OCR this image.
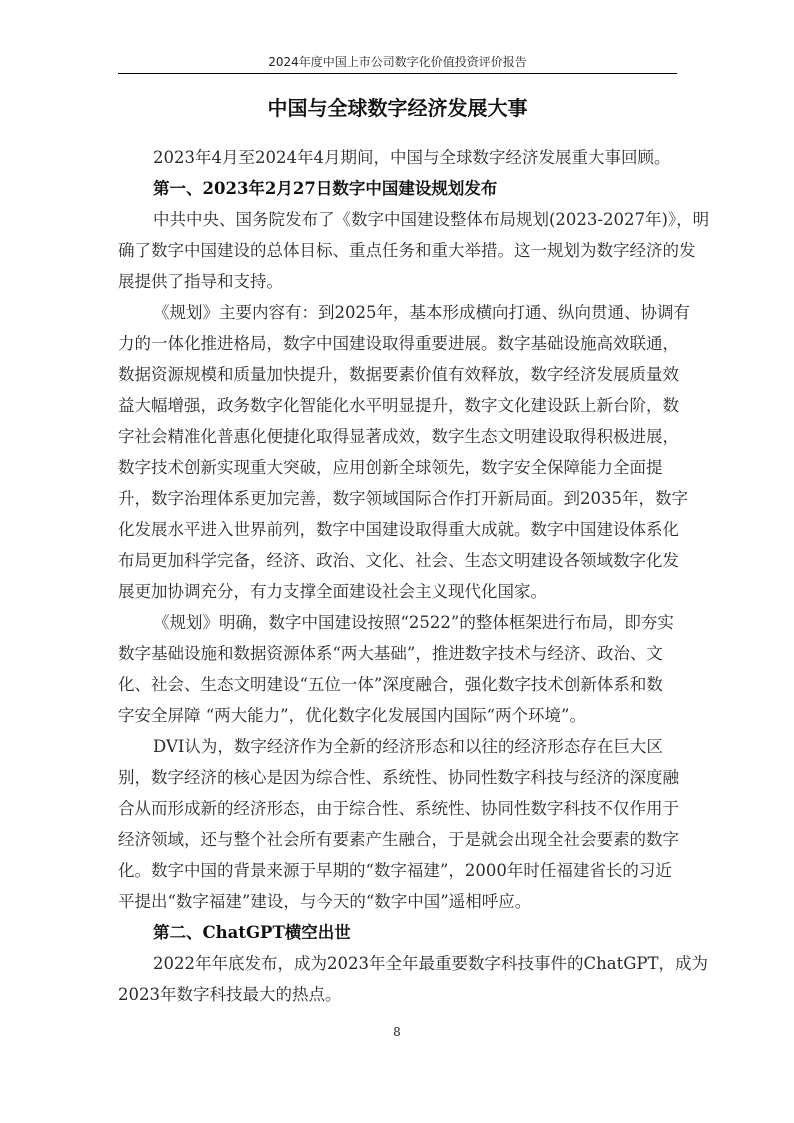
2024年度中国上市公司数字化价值投资评价报告
中国与全球数字经济发展大事

2023年4月至2024年4月期间，中国与全球数字经济发展重大事回顾。

第一、2023年2月27日数字中国建设规划发布

中共中央、国务院发布了《数字中国建设整体布局规划(2023-2027年)》，明
确了数字中国建设的总体目标、重点任务和重大举措。这一规划为数字经济的发
展提供了指导和支持。

《规划》主要内容有：到2025年，基本形成横向打通、纵向贯通、协调有
力的一体化推进格局，数字中国建设取得重要进展。数字基础设施高效联通，
数据资源规模和质量加快提升，数据要素价值有效释放，数字经济发展质量效
益大幅增强，政务数字化智能化水平明显提升，数字文化建设跃上新台阶，数
字社会精准化普惠化便捷化取得显著成效，数字生态文明建设取得积极进展，
数字技术创新实现重大突破，应用创新全球领先，数字安全保障能力全面提
升，数字治理体系更加完善，数字领域国际合作打开新局面。到2035年，数字
化发展水平进入世界前列，数字中国建设取得重大成就。数字中国建设体系化
布局更加科学完备，经济、政治、文化、社会、生态文明建设各领域数字化发
展更加协调充分，有力支撑全面建设社会主义现代化国家。

《规划》明确，数字中国建设按照“2522”的整体框架进行布局，即夯实
数字基础设施和数据资源体系“两大基础”，推进数字技术与经济、政治、文
化、社会、生态文明建设“五位一体”深度融合，强化数字技术创新体系和数
字安全屏障 “两大能力”，优化数字化发展国内国际“两个环境”。

DVI认为，数字经济作为全新的经济形态和以往的经济形态存在巨大区
别，数字经济的核心是因为综合性、系统性、协同性数字科技与经济的深度融
合从而形成新的经济形态，由于综合性、系统性、协同性数字科技不仅作用于
经济领域，还与整个社会所有要素产生融合，于是就会出现全社会要素的数字
化。数字中国的背景来源于早期的“数字福建”，2000年时任福建省长的习近
平提出“数字福建”建设，与今天的“数字中国”遥相呼应。

第二、ChatGPT横空出世

2022年年底发布，成为2023年全年最重要数字科技事件的ChatGPT，成为
2023年数字科技最大的热点。

8
